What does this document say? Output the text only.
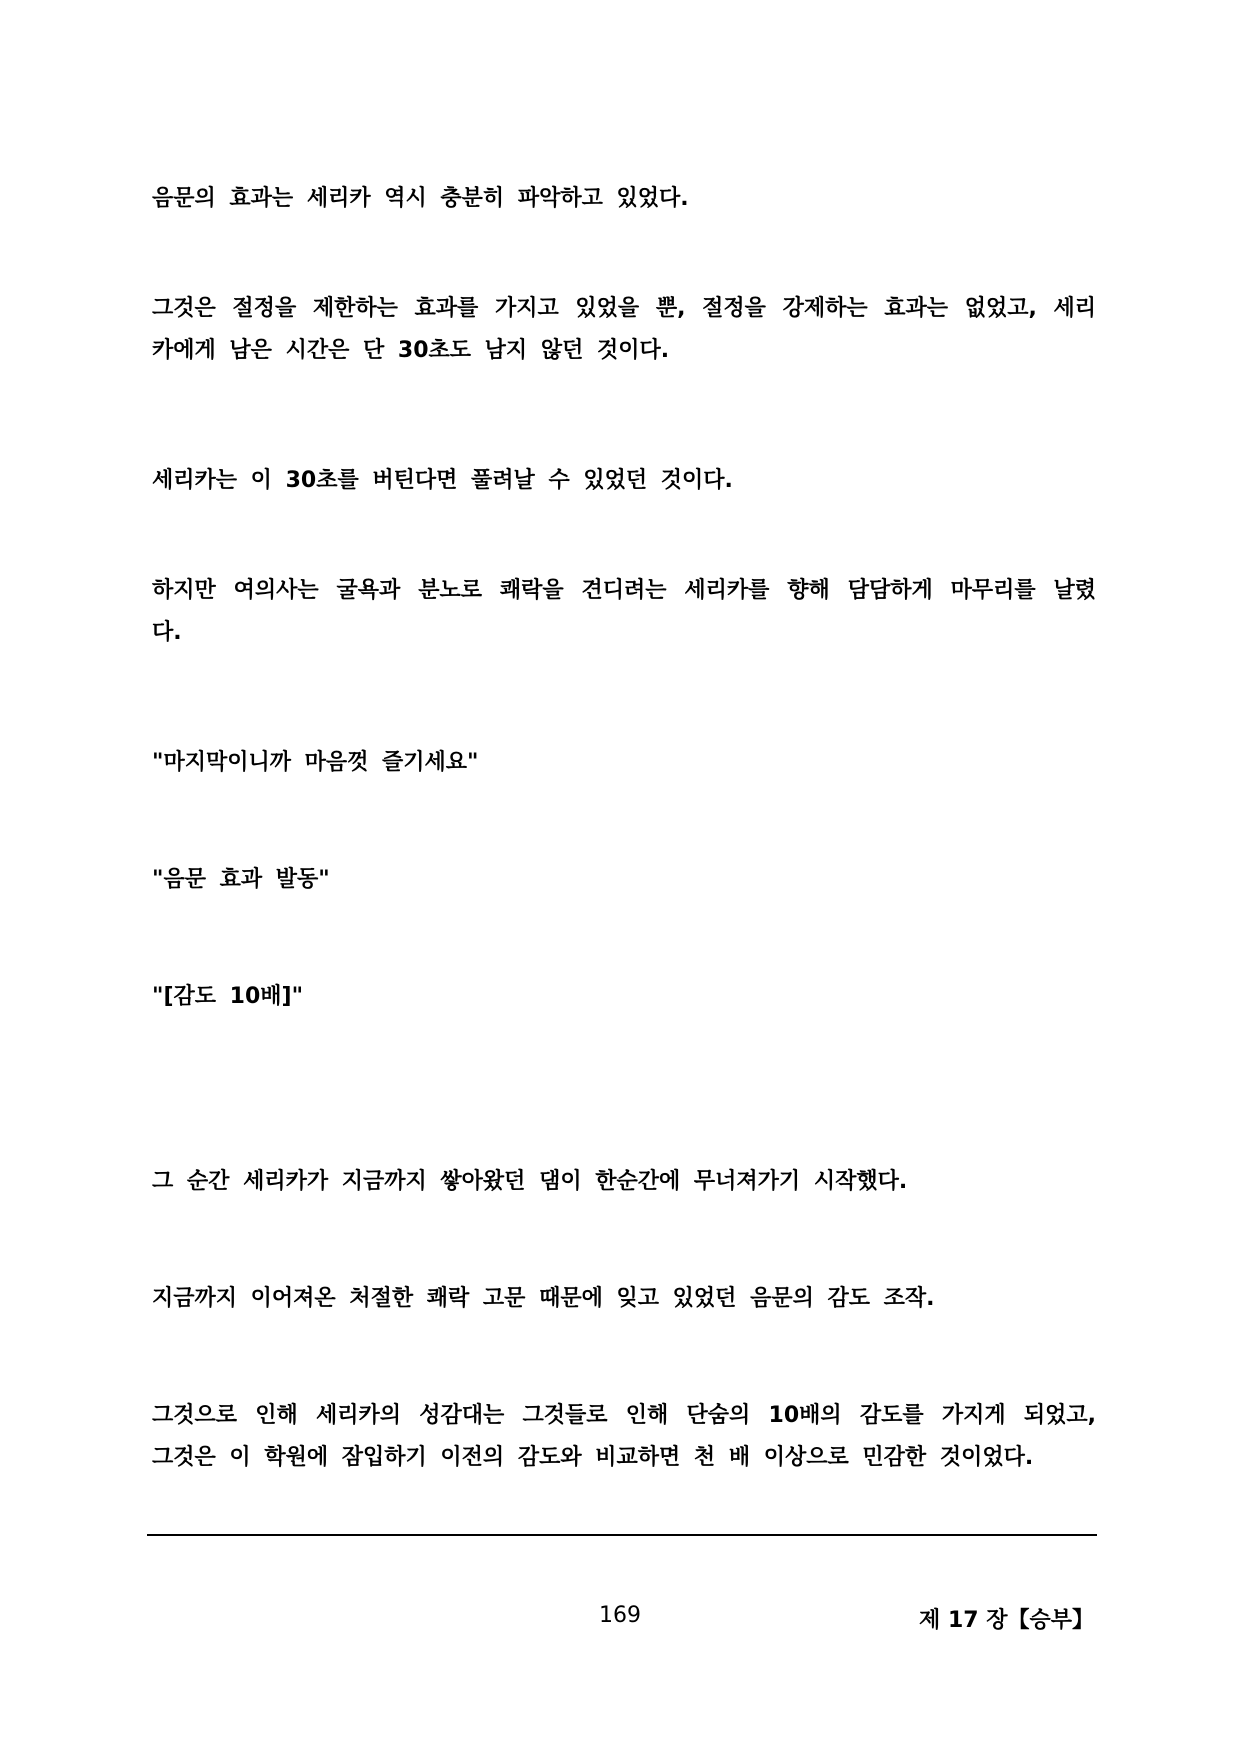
음문의 효과는 세리카 역시 충분히 파악하고 있었다.
그것은 절정을 제한하는 효과를 가지고 있었을 뿐, 절정을 강제하는 효과는 없었고, 세리
카에게 남은 시간은 단 30초도 남지 않던 것이다.
세리카는 이 30초를 버틴다면 풀려날 수 있었던 것이다.
하지만 여의사는 굴욕과 분노로 쾌락을 견디려는 세리카를 향해 담담하게 마무리를 날렸
다.
"마지막이니까 마음껏 즐기세요"
"음문 효과 발동"
"[감도 10배]"
그 순간 세리카가 지금까지 쌓아왔던 댐이 한순간에 무너져가기 시작했다.
지금까지 이어져온 처절한 쾌락 고문 때문에 잊고 있었던 음문의 감도 조작.
그것으로 인해 세리카의 성감대는 그것들로 인해 단숨의 10배의 감도를 가지게 되었고,
그것은 이 학원에 잠입하기 이전의 감도와 비교하면 천 배 이상으로 민감한 것이었다.
169	제 17 장【승부】
